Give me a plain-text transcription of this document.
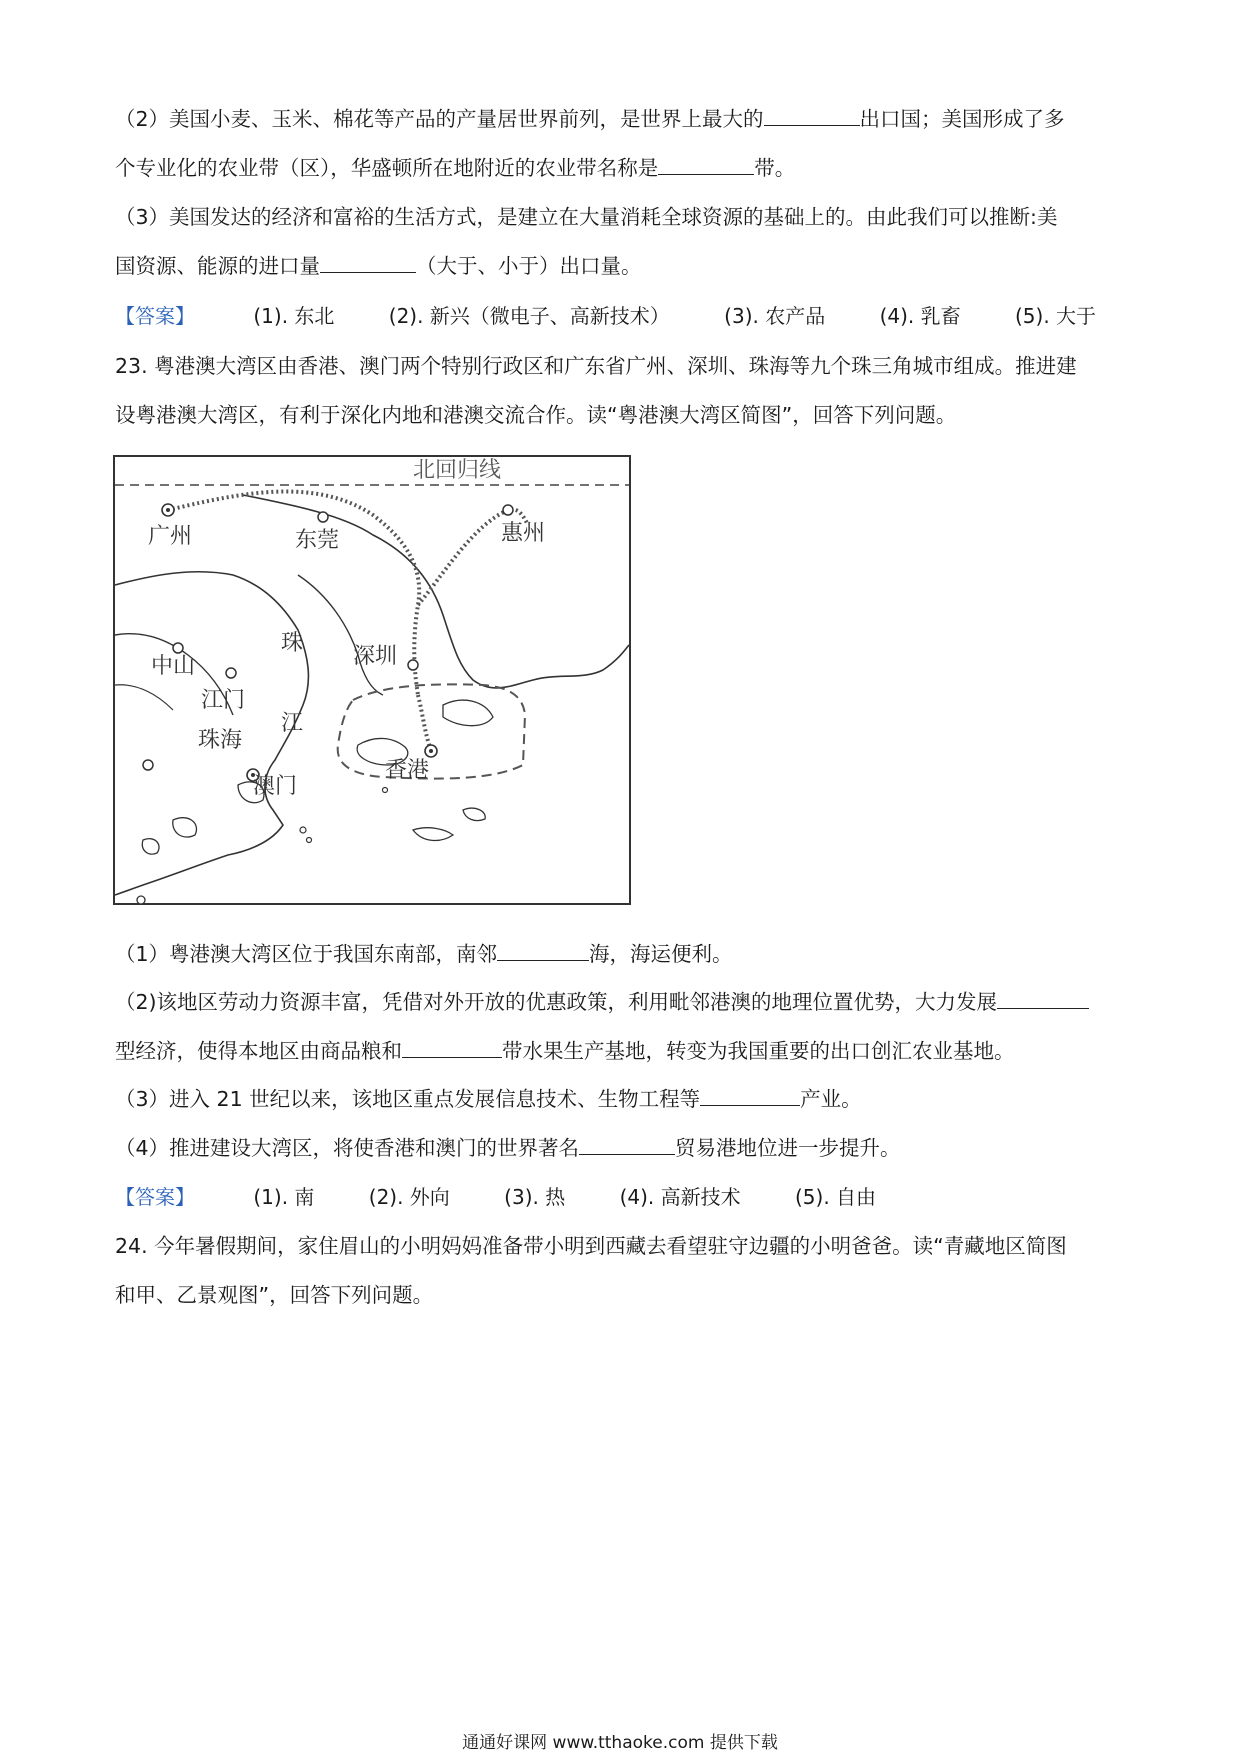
（2）美国小麦、玉米、棉花等产品的产量居世界前列，是世界上最大的	出口国；美国形成了多
个专业化的农业带（区），华盛顿所在地附近的农业带名称是	带。
（3）美国发达的经济和富裕的生活方式，是建立在大量消耗全球资源的基础上的。由此我们可以推断:美
国资源、能源的进口量	（大于、小于）出口量。
【答案】	(1). 东北	(2). 新兴（微电子、高新技术）	(3). 农产品	(4). 乳畜	(5). 大于
23. 粤港澳大湾区由香港、澳门两个特别行政区和广东省广州、深圳、珠海等九个珠三角城市组成。推进建
设粤港澳大湾区，有利于深化内地和港澳交流合作。读“粤港澳大湾区简图”，回答下列问题。
北回归线
广州	东莞	惠州
中山
江门
珠海
澳门
深圳
香港
珠
江
（1）粤港澳大湾区位于我国东南部，南邻	海，海运便利。
（2)该地区劳动力资源丰富，凭借对外开放的优惠政策，利用毗邻港澳的地理位置优势，大力发展
型经济，使得本地区由商品粮和	带水果生产基地，转变为我国重要的出口创汇农业基地。
（3）进入 21 世纪以来，该地区重点发展信息技术、生物工程等	产业。
（4）推进建设大湾区，将使香港和澳门的世界著名	贸易港地位进一步提升。
【答案】	(1). 南	(2). 外向	(3). 热	(4). 高新技术	(5). 自由
24. 今年暑假期间，家住眉山的小明妈妈准备带小明到西藏去看望驻守边疆的小明爸爸。读“青藏地区简图
和甲、乙景观图”，回答下列问题。
通通好课网 www.tthaoke.com 提供下载
